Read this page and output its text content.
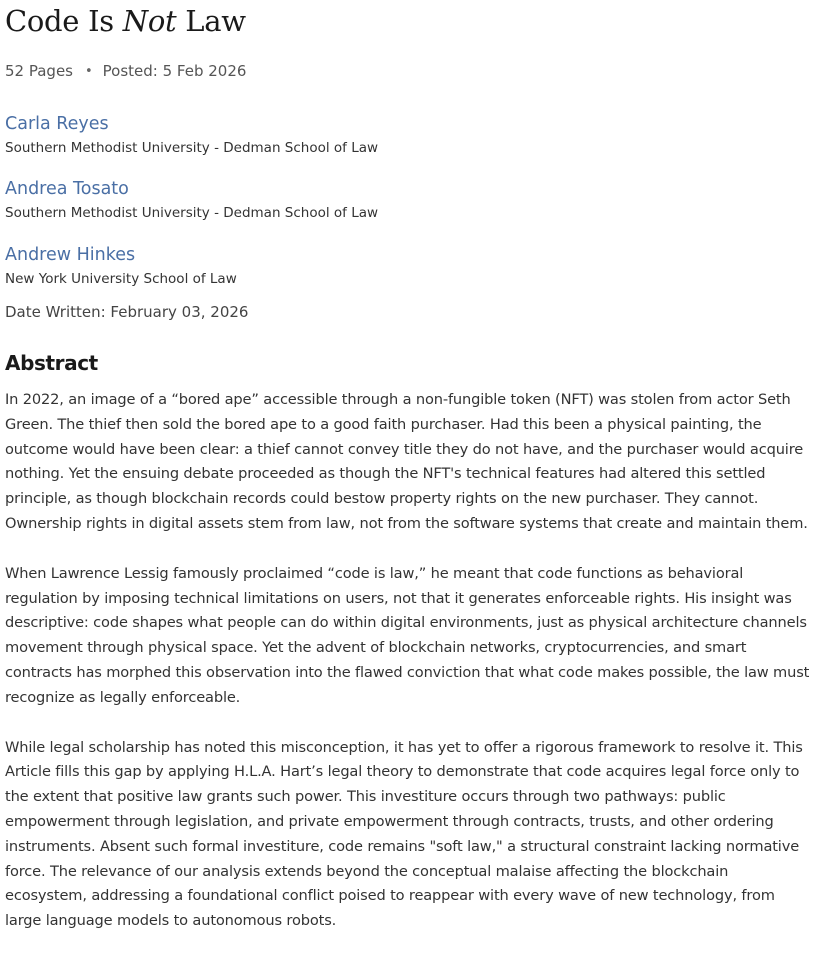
Code Is Not Law
52 Pages • Posted: 5 Feb 2026
Carla Reyes
Southern Methodist University - Dedman School of Law
Andrea Tosato
Southern Methodist University - Dedman School of Law
Andrew Hinkes
New York University School of Law
Date Written: February 03, 2026
Abstract

In 2022, an image of a “bored ape” accessible through a non-fungible token (NFT) was stolen from actor Seth Green. The thief then sold the bored ape to a good faith purchaser. Had this been a physical painting, the outcome would have been clear: a thief cannot convey title they do not have, and the purchaser would acquire nothing. Yet the ensuing debate proceeded as though the NFT's technical features had altered this settled principle, as though blockchain records could bestow property rights on the new purchaser. They cannot. Ownership rights in digital assets stem from law, not from the software systems that create and maintain them.

When Lawrence Lessig famously proclaimed “code is law,” he meant that code functions as behavioral regulation by imposing technical limitations on users, not that it generates enforceable rights. His insight was descriptive: code shapes what people can do within digital environments, just as physical architecture channels movement through physical space. Yet the advent of blockchain networks, cryptocurrencies, and smart contracts has morphed this observation into the flawed conviction that what code makes possible, the law must recognize as legally enforceable.

While legal scholarship has noted this misconception, it has yet to offer a rigorous framework to resolve it. This Article fills this gap by applying H.L.A. Hart’s legal theory to demonstrate that code acquires legal force only to the extent that positive law grants such power. This investiture occurs through two pathways: public empowerment through legislation, and private empowerment through contracts, trusts, and other ordering instruments. Absent such formal investiture, code remains "soft law," a structural constraint lacking normative force. The relevance of our analysis extends beyond the conceptual malaise affecting the blockchain ecosystem, addressing a foundational conflict poised to reappear with every wave of new technology, from large language models to autonomous robots.
